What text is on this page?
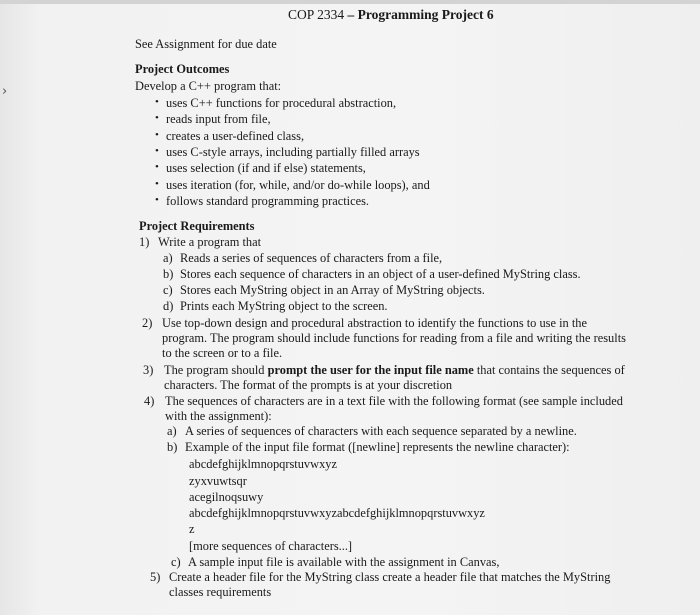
›
COP 2334 – Programming Project 6
See Assignment for due date
Project Outcomes
Develop a C++ program that:
• uses C++ functions for procedural abstraction,
• reads input from file,
• creates a user-defined class,
• uses C-style arrays, including partially filled arrays
• uses selection (if and if else) statements,
• uses iteration (for, while, and/or do-while loops), and
• follows standard programming practices.
Project Requirements
1) Write a program that
a) Reads a series of sequences of characters from a file,
b) Stores each sequence of characters in an object of a user-defined MyString class.
c) Stores each MyString object in an Array of MyString objects.
d) Prints each MyString object to the screen.
2) Use top-down design and procedural abstraction to identify the functions to use in the
program. The program should include functions for reading from a file and writing the results
to the screen or to a file.
3) The program should prompt the user for the input file name that contains the sequences of
characters. The format of the prompts is at your discretion
4) The sequences of characters are in a text file with the following format (see sample included
with the assignment):
a) A series of sequences of characters with each sequence separated by a newline.
b) Example of the input file format ([newline] represents the newline character):
abcdefghijklmnopqrstuvwxyz
zyxvuwtsqr
acegilnoqsuwy
abcdefghijklmnopqrstuvwxyzabcdefghijklmnopqrstuvwxyz
z
[more sequences of characters...]
c) A sample input file is available with the assignment in Canvas,
5) Create a header file for the MyString class create a header file that matches the MyString
classes requirements
